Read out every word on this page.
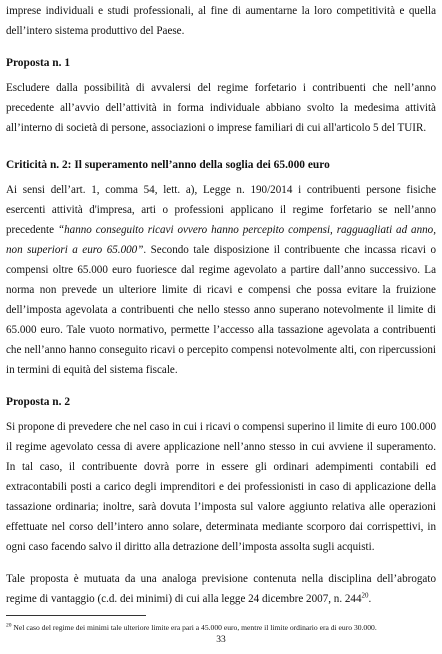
imprese individuali e studi professionali, al fine di aumentarne la loro competitività e quella dell’intero sistema produttivo del Paese.

Proposta n. 1

Escludere dalla possibilità di avvalersi del regime forfetario i contribuenti che nell’anno precedente all’avvio dell’attività in forma individuale abbiano svolto la medesima attività all’interno di società di persone, associazioni o imprese familiari di cui all'articolo 5 del TUIR.

Criticità n. 2: Il superamento nell’anno della soglia dei 65.000 euro

Ai sensi dell’art. 1, comma 54, lett. a), Legge n. 190/2014 i contribuenti persone fisiche esercenti attività d'impresa, arti o professioni applicano il regime forfetario se nell’anno precedente “hanno conseguito ricavi ovvero hanno percepito compensi, ragguagliati ad anno, non superiori a euro 65.000”. Secondo tale disposizione il contribuente che incassa ricavi o compensi oltre 65.000 euro fuoriesce dal regime agevolato a partire dall’anno successivo. La norma non prevede un ulteriore limite di ricavi e compensi che possa evitare la fruizione dell’imposta agevolata a contribuenti che nello stesso anno superano notevolmente il limite di 65.000 euro. Tale vuoto normativo, permette l’accesso alla tassazione agevolata a contribuenti che nell’anno hanno conseguito ricavi o percepito compensi notevolmente alti, con ripercussioni in termini di equità del sistema fiscale.

Proposta n. 2

Si propone di prevedere che nel caso in cui i ricavi o compensi superino il limite di euro 100.000 il regime agevolato cessa di avere applicazione nell’anno stesso in cui avviene il superamento. In tal caso, il contribuente dovrà porre in essere gli ordinari adempimenti contabili ed extracontabili posti a carico degli imprenditori e dei professionisti in caso di applicazione della tassazione ordinaria; inoltre, sarà dovuta l’imposta sul valore aggiunto relativa alle operazioni effettuate nel corso dell’intero anno solare, determinata mediante scorporo dai corrispettivi, in ogni caso facendo salvo il diritto alla detrazione dell’imposta assolta sugli acquisti.

Tale proposta è mutuata da una analoga previsione contenuta nella disciplina dell’abrogato regime di vantaggio (c.d. dei minimi) di cui alla legge 24 dicembre 2007, n. $244^{20}$.

$^{20}$ Nel caso del regime dei minimi tale ulteriore limite era pari a 45.000 euro, mentre il limite ordinario era di euro 30.000.
33
